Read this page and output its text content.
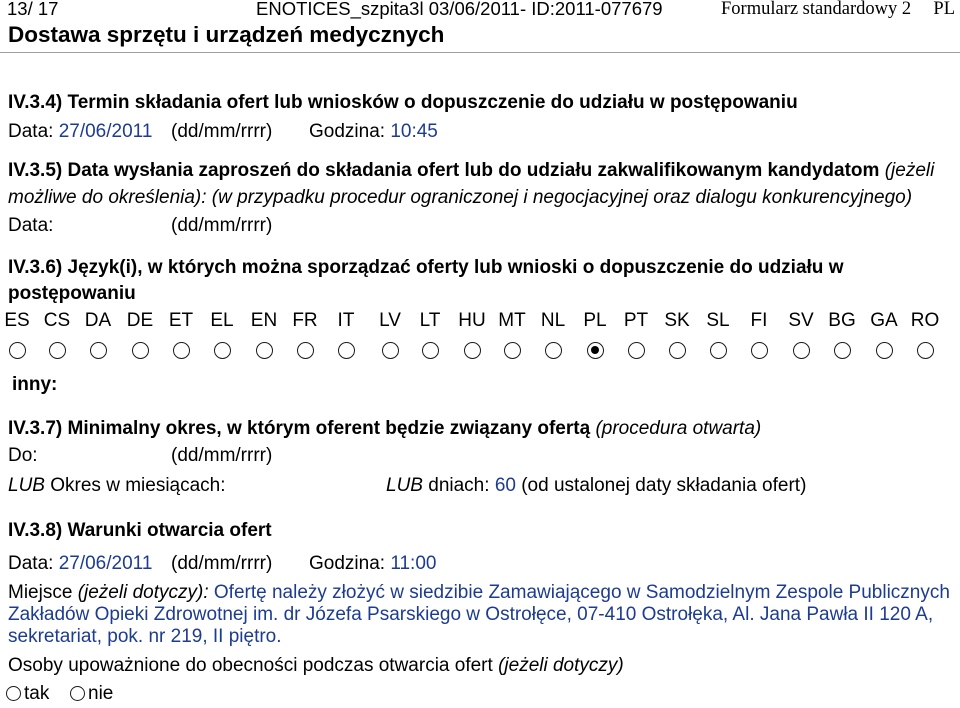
13/ 17	ENOTICES_szpita3l 03/06/2011- ID:2011-077679	Formularz standardowy 2 PL
Dostawa sprzętu i urządzeń medycznych
IV.3.4) Termin składania ofert lub wniosków o dopuszczenie do udziału w postępowaniu
Data: 27/06/2011 (dd/mm/rrrr) Godzina: 10:45
IV.3.5) Data wysłania zaproszeń do składania ofert lub do udziału zakwalifikowanym kandydatom (jeżeli
możliwe do określenia): (w przypadku procedur ograniczonej i negocjacyjnej oraz dialogu konkurencyjnego)
Data:	(dd/mm/rrrr)
IV.3.6) Język(i), w których można sporządzać oferty lub wnioski o dopuszczenie do udziału w
postępowaniu
ES CS DA DE ET EL EN FR	IT	LV LT HU MT NL PL PT SK SL	FI	SV BG GA RO
inny:
IV.3.7) Minimalny okres, w którym oferent będzie związany ofertą (procedura otwarta)
Do:	(dd/mm/rrrr)
LUB Okres w miesiącach:	LUB dniach: 60 (od ustalonej daty składania ofert)
IV.3.8) Warunki otwarcia ofert
Data: 27/06/2011 (dd/mm/rrrr) Godzina: 11:00
Miejsce (jeżeli dotyczy): Ofertę należy złożyć w siedzibie Zamawiającego w Samodzielnym Zespole Publicznych
Zakładów Opieki Zdrowotnej im. dr Józefa Psarskiego w Ostrołęce, 07-410 Ostrołęka, Al. Jana Pawła II 120 A,
sekretariat, pok. nr 219, II piętro.
Osoby upoważnione do obecności podczas otwarcia ofert (jeżeli dotyczy)
tak nie
